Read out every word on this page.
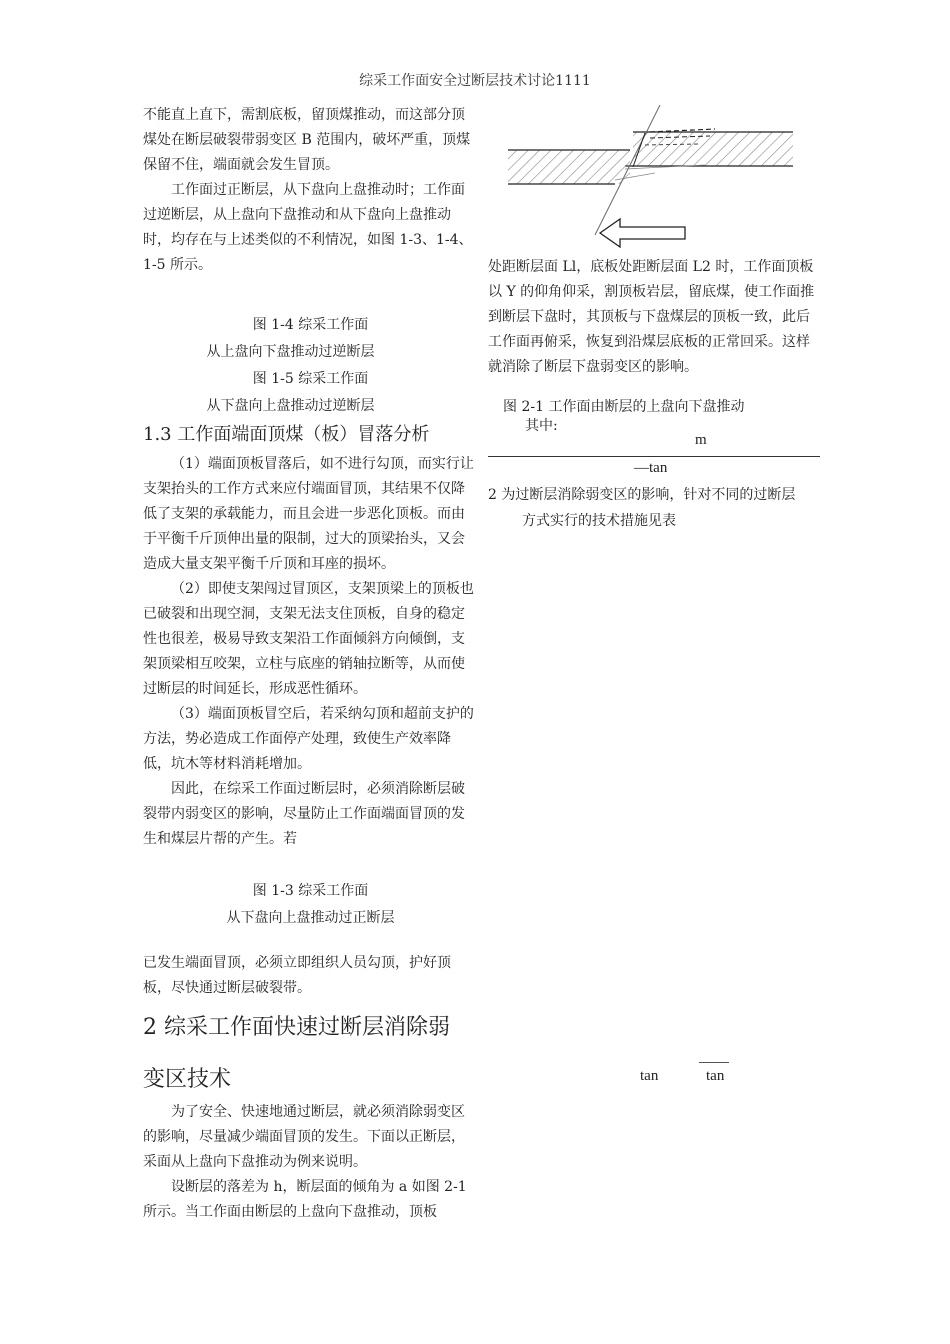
综采工作面安全过断层技术讨论1111

不能直上直下，需割底板，留顶煤推动，而这部分顶煤处在断层破裂带弱变区 B 范围内，破坏严重，顶煤保留不住，端面就会发生冒顶。

工作面过正断层，从下盘向上盘推动时；工作面过逆断层，从上盘向下盘推动和从下盘向上盘推动时，均存在与上述类似的不利情况，如图 1-3、1-4、1-5 所示。

图 1-4 综采工作面
从上盘向下盘推动过逆断层
图 1-5 综采工作面
从下盘向上盘推动过逆断层
1.3 工作面端面顶煤（板）冒落分析

（1）端面顶板冒落后，如不进行勾顶，而实行让支架抬头的工作方式来应付端面冒顶，其结果不仅降低了支架的承载能力，而且会进一步恶化顶板。而由于平衡千斤顶伸出量的限制，过大的顶梁抬头，又会造成大量支架平衡千斤顶和耳座的损坏。

（2）即使支架闯过冒顶区，支架顶梁上的顶板也已破裂和出现空洞，支架无法支住顶板，自身的稳定性也很差，极易导致支架沿工作面倾斜方向倾倒，支架顶梁相互咬架，立柱与底座的销轴拉断等，从而使过断层的时间延长，形成恶性循环。

（3）端面顶板冒空后，若采纳勾顶和超前支护的方法，势必造成工作面停产处理，致使生产效率降低，坑木等材料消耗增加。

因此，在综采工作面过断层时，必须消除断层破裂带内弱变区的影响，尽量防止工作面端面冒顶的发生和煤层片帮的产生。若

图 1-3 综采工作面
从下盘向上盘推动过正断层
已发生端面冒顶，必须立即组织人员勾顶，护好顶板，尽快通过断层破裂带。
2 综采工作面快速过断层消除弱
变区技术

为了安全、快速地通过断层，就必须消除弱变区的影响，尽量减少端面冒顶的发生。下面以正断层，采面从上盘向下盘推动为例来说明。

设断层的落差为 h，断层面的倾角为 a 如图 2-1 所示。当工作面由断层的上盘向下盘推动，顶板

处距断层面 Ll，底板处距断层面 L2 时，工作面顶板以 Y 的仰角仰采，割顶板岩层，留底煤，使工作面推到断层下盘时，其顶板与下盘煤层的顶板一致，此后工作面再俯采，恢复到沿煤层底板的正常回采。这样就消除了断层下盘弱变区的影响。
图 2-1 工作面由断层的上盘向下盘推动
其中:
m
—tan
2 为过断层消除弱变区的影响，针对不同的过断层
方式实行的技术措施见表
tan	tan
